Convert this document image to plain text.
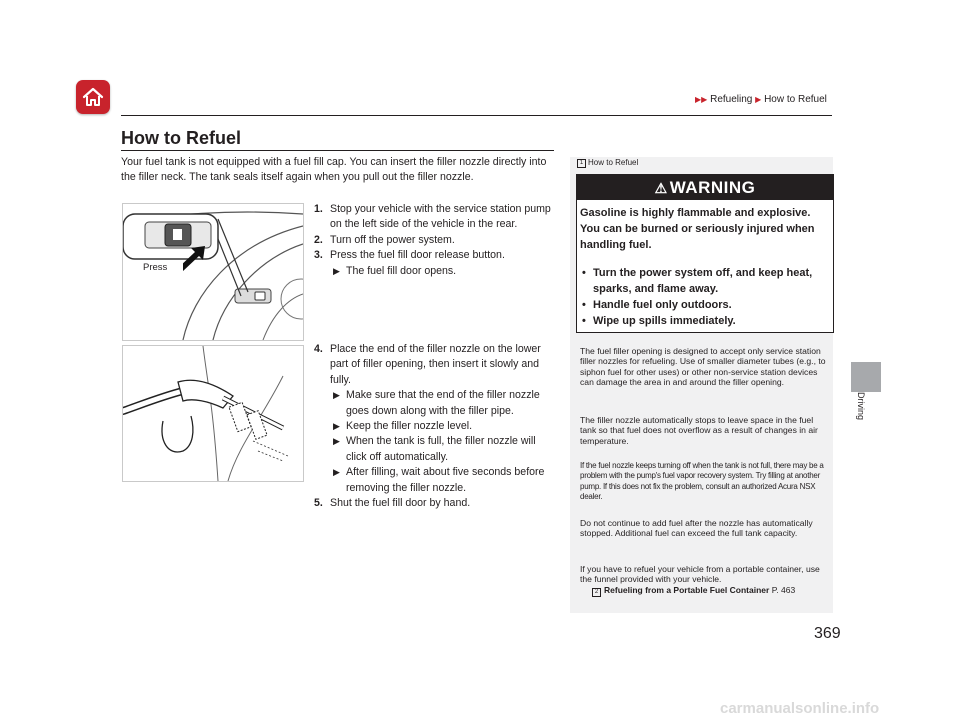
▶▶ Refueling ▶ How to Refuel
Driving
How to Refuel
Your fuel tank is not equipped with a fuel fill cap. You can insert the filler nozzle directly into the filler neck. The tank seals itself again when you pull out the filler nozzle.
Press
1. Stop your vehicle with the service station pump on the left side of the vehicle in the rear.
2. Turn off the power system.
3. Press the fuel fill door release button.
▶ The fuel fill door opens.
4. Place the end of the filler nozzle on the lower part of filler opening, then insert it slowly and fully.
▶ Make sure that the end of the filler nozzle goes down along with the filler pipe.
▶ Keep the filler nozzle level.
▶ When the tank is full, the filler nozzle will click off automatically.
▶ After filling, wait about five seconds before removing the filler nozzle.
5. Shut the fuel fill door by hand.
1 How to Refuel
⚠ WARNING
Gasoline is highly flammable and explosive. You can be burned or seriously injured when handling fuel.
• Turn the power system off, and keep heat, sparks, and flame away.
• Handle fuel only outdoors.
• Wipe up spills immediately.
The fuel filler opening is designed to accept only service station filler nozzles for refueling. Use of smaller diameter tubes (e.g., to siphon fuel for other uses) or other non-service station devices can damage the area in and around the filler opening.
The filler nozzle automatically stops to leave space in the fuel tank so that fuel does not overflow as a result of changes in air temperature.
If the fuel nozzle keeps turning off when the tank is not full, there may be a problem with the pump's fuel vapor recovery system. Try filling at another pump. If this does not fix the problem, consult an authorized Acura NSX dealer.
Do not continue to add fuel after the nozzle has automatically stopped. Additional fuel can exceed the full tank capacity.
If you have to refuel your vehicle from a portable container, use the funnel provided with your vehicle.
2 Refueling from a Portable Fuel Container P. 463
369
carmanualsonline.info
